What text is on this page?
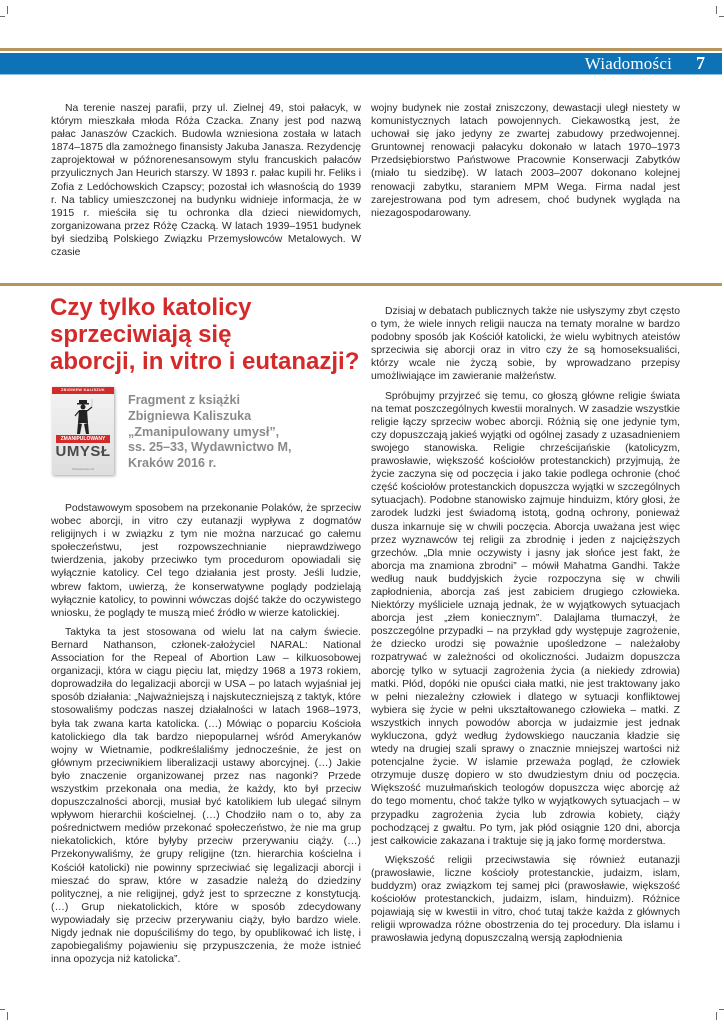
Wiadomości 7

Na terenie naszej parafii, przy ul. Zielnej 49, stoi pałacyk, w którym mieszkała młoda Róża Czacka. Znany jest pod nazwą pałac Janaszów Czackich. Budowla wzniesiona została w latach 1874–1875 dla zamożnego finansisty Jakuba Janasza. Rezydencję zaprojektował w późnorenesansowym stylu francuskich pałaców przyulicznych Jan Heurich starszy. W 1893 r. pałac kupili hr. Feliks i Zofia z Ledóchowskich Czapscy; pozostał ich własnością do 1939 r. Na tablicy umieszczonej na budynku widnieje informacja, że w 1915 r. mieściła się tu ochronka dla dzieci niewidomych, zorganizowana przez Różę Czacką. W latach 1939–1951 budynek był siedzibą Polskiego Związku Przemysłowców Metalowych. W czasie

wojny budynek nie został zniszczony, dewastacji uległ niestety w komunistycznych latach powojennych. Ciekawostką jest, że uchował się jako jedyny ze zwartej zabudowy przedwojennej. Gruntownej renowacji pałacyku dokonało w latach 1970–1973 Przedsiębiorstwo Państwowe Pracownie Konserwacji Zabytków (miało tu siedzibę). W latach 2003–2007 dokonano kolejnej renowacji zabytku, staraniem MPM Wega. Firma nadal jest zarejestrowana pod tym adresem, choć budynek wygląda na niezagospodarowany.

Czy tylko katolicy
sprzeciwiają się
aborcji, in vitro i eutanazji?
ZBIGNIEW KALISZUK
ZMANIPULOWANY
UMYSŁ
Wydawnictwo M
Fragment z książki
Zbigniewa Kaliszuka
„Zmanipulowany umysł”,
ss. 25–33, Wydawnictwo M,
Kraków 2016 r.

Podstawowym sposobem na przekonanie Polaków, że sprzeciw wobec aborcji, in vitro czy eutanazji wypływa z dogmatów religijnych i w związku z tym nie można narzucać go całemu społeczeństwu, jest rozpowszechnianie nieprawdziwego twierdzenia, jakoby przeciwko tym procedurom opowiadali się wyłącznie katolicy. Cel tego działania jest prosty. Jeśli ludzie, wbrew faktom, uwierzą, że konserwatywne poglądy podzielają wyłącznie katolicy, to powinni wówczas dojść także do oczywistego wniosku, że poglądy te muszą mieć źródło w wierze katolickiej.

Taktyka ta jest stosowana od wielu lat na całym świecie. Bernard Nathanson, członek-założyciel NARAL: National Association for the Repeal of Abortion Law – kilkuosobowej organizacji, która w ciągu pięciu lat, między 1968 a 1973 rokiem, doprowadziła do legalizacji aborcji w USA – po latach wyjaśniał jej sposób działania: „Najważniejszą i najskuteczniejszą z taktyk, które stosowaliśmy podczas naszej działalności w latach 1968–1973, była tak zwana karta katolicka. (…) Mówiąc o poparciu Kościoła katolickiego dla tak bardzo niepopularnej wśród Amerykanów wojny w Wietnamie, podkreślaliśmy jednocześnie, że jest on głównym przeciwnikiem liberalizacji ustawy aborcyjnej. (…) Jakie było znaczenie organizowanej przez nas nagonki? Przede wszystkim przekonała ona media, że każdy, kto był przeciw dopuszczalności aborcji, musiał być katolikiem lub ulegać silnym wpływom hierarchii kościelnej. (…) Chodziło nam o to, aby za pośrednictwem mediów przekonać społeczeństwo, że nie ma grup niekatolickich, które byłyby przeciw przerywaniu ciąży. (…) Przekonywaliśmy, że grupy religijne (tzn. hierarchia kościelna i Kościół katolicki) nie powinny sprzeciwiać się legalizacji aborcji i mieszać do spraw, które w zasadzie należą do dziedziny politycznej, a nie religijnej, gdyż jest to sprzeczne z konstytucją. (…) Grup niekatolickich, które w sposób zdecydowany wypowiadały się przeciw przerywaniu ciąży, było bardzo wiele. Nigdy jednak nie dopuściliśmy do tego, by opublikować ich listę, i zapobiegaliśmy pojawieniu się przypuszczenia, że może istnieć inna opozycja niż katolicka”.

Dzisiaj w debatach publicznych także nie usłyszymy zbyt często o tym, że wiele innych religii naucza na tematy moralne w bardzo podobny sposób jak Kościół katolicki, że wielu wybitnych ateistów sprzeciwia się aborcji oraz in vitro czy że są homoseksualiści, którzy wcale nie życzą sobie, by wprowadzano przepisy umożliwiające im zawieranie małżeństw.

Spróbujmy przyjrzeć się temu, co głoszą główne religie świata na temat poszczególnych kwestii moralnych. W zasadzie wszystkie religie łączy sprzeciw wobec aborcji. Różnią się one jedynie tym, czy dopuszczają jakieś wyjątki od ogólnej zasady z uzasadnieniem swojego stanowiska. Religie chrześcijańskie (katolicyzm, prawosławie, większość kościołów protestanckich) przyjmują, że życie zaczyna się od poczęcia i jako takie podlega ochronie (choć część kościołów protestanckich dopuszcza wyjątki w szczególnych sytuacjach). Podobne stanowisko zajmuje hinduizm, który głosi, że zarodek ludzki jest świadomą istotą, godną ochrony, ponieważ dusza inkarnuje się w chwili poczęcia. Aborcja uważana jest więc przez wyznawców tej religii za zbrodnię i jeden z najcięższych grzechów. „Dla mnie oczywisty i jasny jak słońce jest fakt, że aborcja ma znamiona zbrodni” – mówił Mahatma Gandhi. Także według nauk buddyjskich życie rozpoczyna się w chwili zapłodnienia, aborcja zaś jest zabiciem drugiego człowieka. Niektórzy myśliciele uznają jednak, że w wyjątkowych sytuacjach aborcja jest „złem koniecznym”. Dalajlama tłumaczył, że poszczególne przypadki – na przykład gdy występuje zagrożenie, że dziecko urodzi się poważnie upośledzone – należałoby rozpatrywać w zależności od okoliczności. Judaizm dopuszcza aborcję tylko w sytuacji zagrożenia życia (a niekiedy zdrowia) matki. Płód, dopóki nie opuści ciała matki, nie jest traktowany jako w pełni niezależny człowiek i dlatego w sytuacji konfliktowej wybiera się życie w pełni ukształtowanego człowieka – matki. Z wszystkich innych powodów aborcja w judaizmie jest jednak wykluczona, gdyż według żydowskiego nauczania kładzie się wtedy na drugiej szali sprawy o znacznie mniejszej wartości niż potencjalne życie. W islamie przeważa pogląd, że człowiek otrzymuje duszę dopiero w sto dwudziestym dniu od poczęcia. Większość muzułmańskich teologów dopuszcza więc aborcję aż do tego momentu, choć także tylko w wyjątkowych sytuacjach – w przypadku zagrożenia życia lub zdrowia kobiety, ciąży pochodzącej z gwałtu. Po tym, jak płód osiągnie 120 dni, aborcja jest całkowicie zakazana i traktuje się ją jako formę morderstwa.

Większość religii przeciwstawia się również eutanazji (prawosławie, liczne kościoły protestanckie, judaizm, islam, buddyzm) oraz związkom tej samej płci (prawosławie, większość kościołów protestanckich, judaizm, islam, hinduizm). Różnice pojawiają się w kwestii in vitro, choć tutaj także każda z głównych religii wprowadza różne obostrzenia do tej procedury. Dla islamu i prawosławia jedyną dopuszczalną wersją zapłodnienia
